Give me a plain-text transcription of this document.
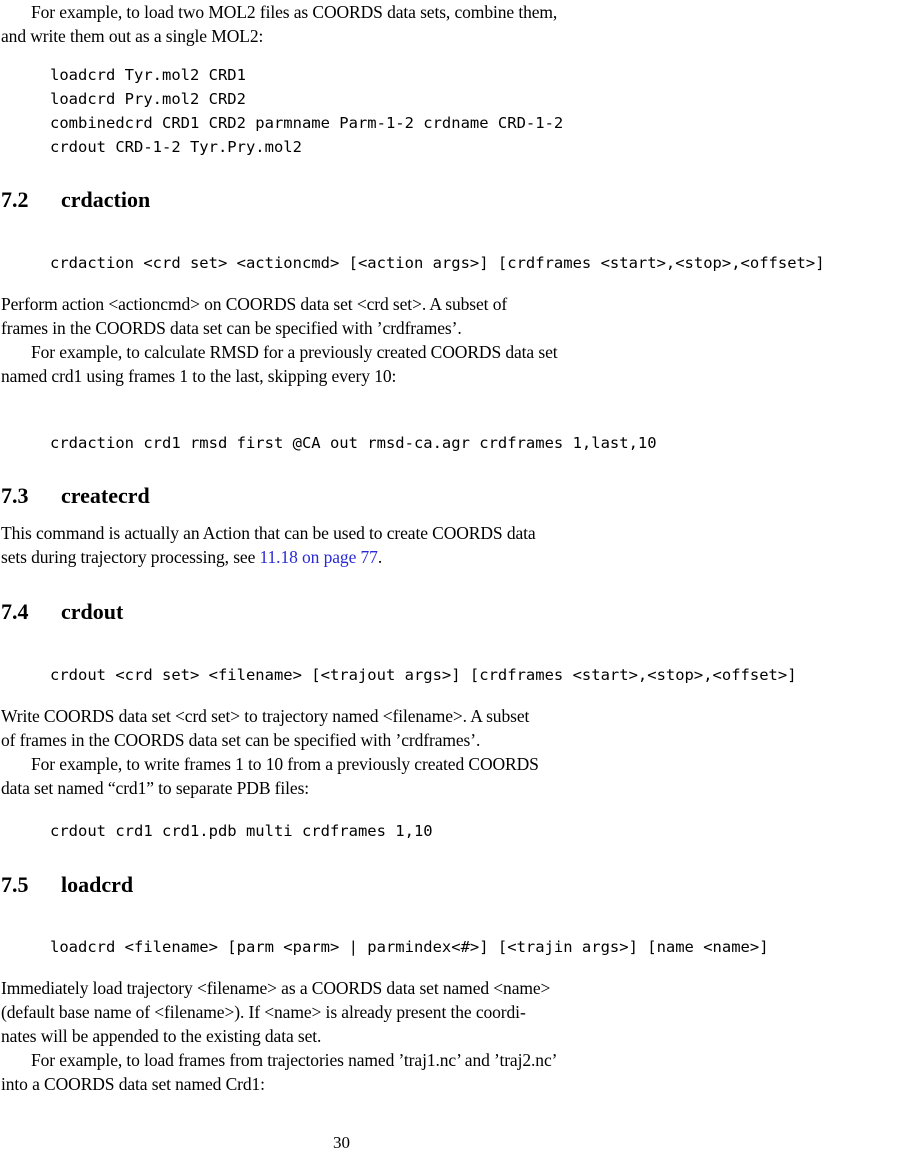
For example, to load two MOL2 files as COORDS data sets, combine them,
and write them out as a single MOL2:

loadcrd Tyr.mol2 CRD1
loadcrd Pry.mol2 CRD2
combinedcrd CRD1 CRD2 parmname Parm-1-2 crdname CRD-1-2
crdout CRD-1-2 Tyr.Pry.mol2
7.2 crdaction
crdaction <crd set> <actioncmd> [<action args>] [crdframes <start>,<stop>,<offset>]

Perform action <actioncmd> on COORDS data set <crd set>. A subset of
frames in the COORDS data set can be specified with ’crdframes’.
For example, to calculate RMSD for a previously created COORDS data set
named crd1 using frames 1 to the last, skipping every 10:

crdaction crd1 rmsd first @CA out rmsd-ca.agr crdframes 1,last,10
7.3 createcrd

This command is actually an Action that can be used to create COORDS data
sets during trajectory processing, see 11.18 on page 77.

7.4 crdout
crdout <crd set> <filename> [<trajout args>] [crdframes <start>,<stop>,<offset>]

Write COORDS data set <crd set> to trajectory named <filename>. A subset
of frames in the COORDS data set can be specified with ’crdframes’.
For example, to write frames 1 to 10 from a previously created COORDS
data set named “crd1” to separate PDB files:

crdout crd1 crd1.pdb multi crdframes 1,10
7.5 loadcrd
loadcrd <filename> [parm <parm> | parmindex<#>] [<trajin args>] [name <name>]

Immediately load trajectory <filename> as a COORDS data set named <name>
(default base name of <filename>). If <name> is already present the coordi-
nates will be appended to the existing data set.
For example, to load frames from trajectories named ’traj1.nc’ and ’traj2.nc’
into a COORDS data set named Crd1:

30
